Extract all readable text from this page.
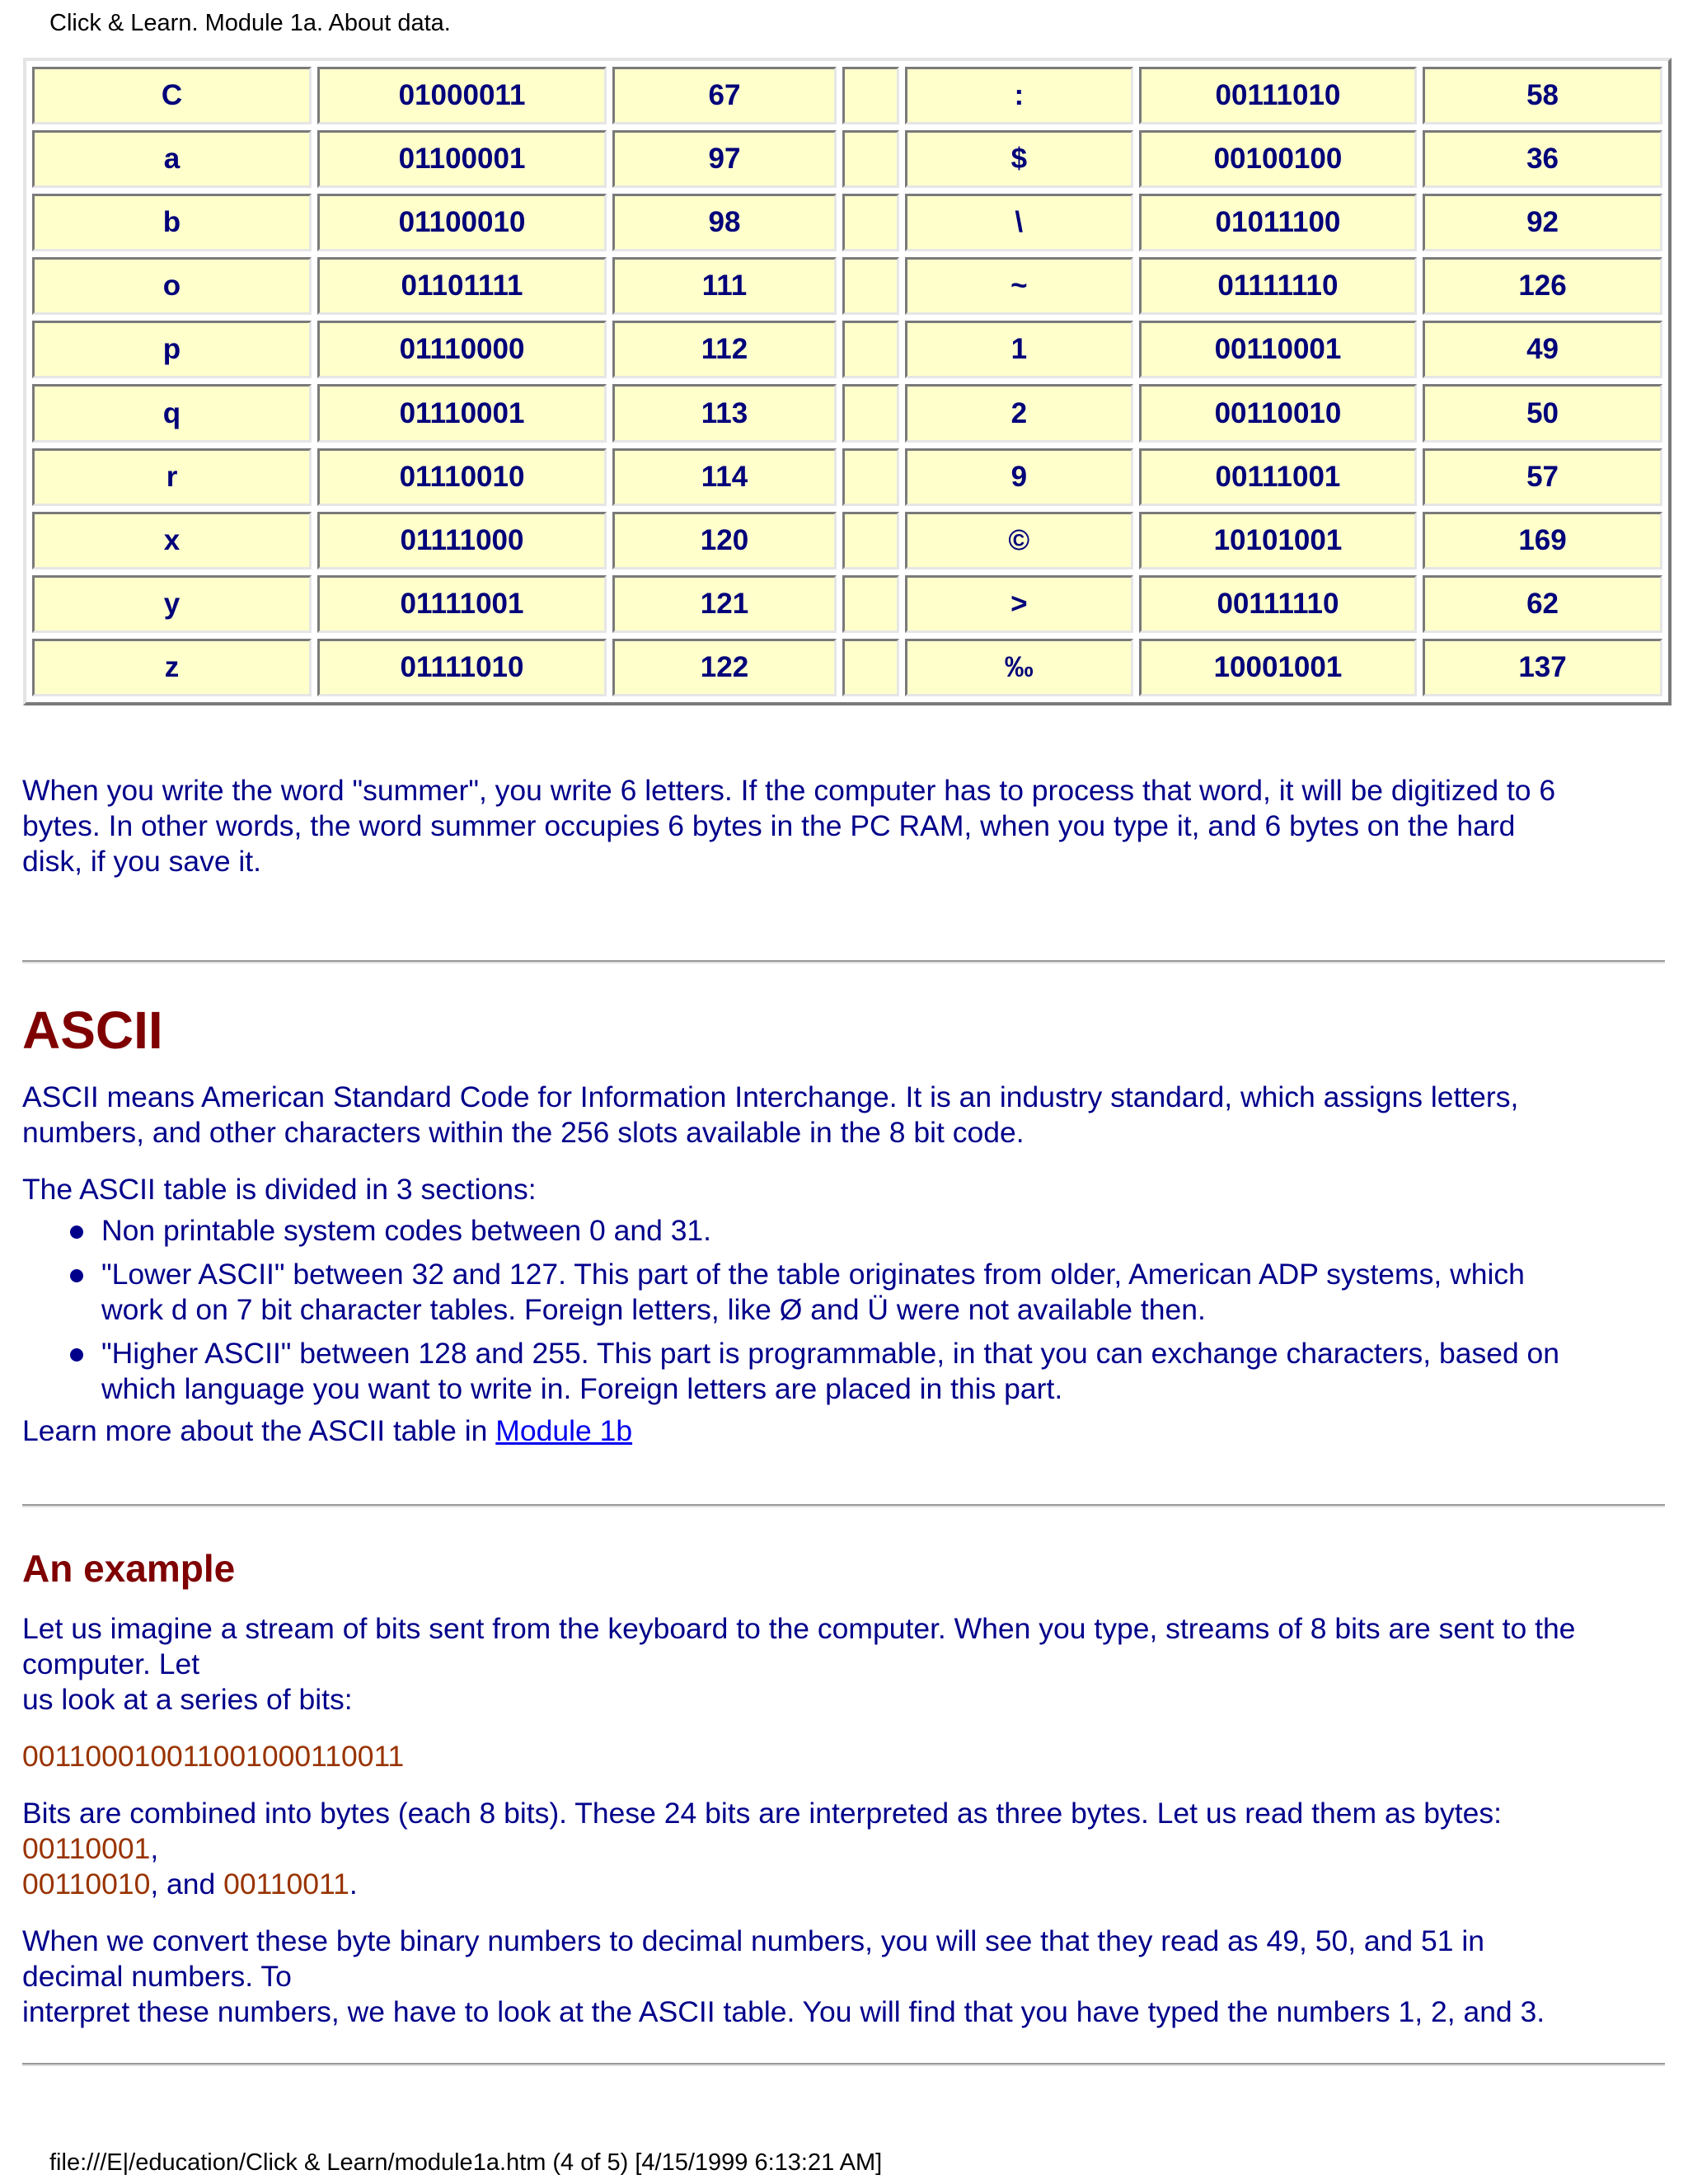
Click & Learn. Module 1a. About data.
C	01000011	67		:	00111010	58
a	01100001	97		$	00100100	36
b	01100010	98		\	01011100	92
o	01101111	111		~	01111110	126
p	01110000	112		1	00110001	49
q	01110001	113		2	00110010	50
r	01110010	114		9	00111001	57
x	01111000	120		©	10101001	169
y	01111001	121		>	00111110	62
z	01111010	122		‰	10001001	137

When you write the word "summer", you write 6 letters. If the computer has to process that word, it will be digitized to 6
bytes. In other words, the word summer occupies 6 bytes in the PC RAM, when you type it, and 6 bytes on the hard
disk, if you save it.

ASCII

ASCII means American Standard Code for Information Interchange. It is an industry standard, which assigns letters,
numbers, and other characters within the 256 slots available in the 8 bit code.

The ASCII table is divided in 3 sections:

Non printable system codes between 0 and 31.
"Lower ASCII" between 32 and 127. This part of the table originates from older, American ADP systems, which
work d on 7 bit character tables. Foreign letters, like Ø and Ü were not available then.
"Higher ASCII" between 128 and 255. This part is programmable, in that you can exchange characters, based on
which language you want to write in. Foreign letters are placed in this part.

Learn more about the ASCII table in Module 1b

An example

Let us imagine a stream of bits sent from the keyboard to the computer. When you type, streams of 8 bits are sent to the
computer. Let
us look at a series of bits:

001100010011001000110011

Bits are combined into bytes (each 8 bits). These 24 bits are interpreted as three bytes. Let us read them as bytes:
00110001,
00110010, and 00110011.

When we convert these byte binary numbers to decimal numbers, you will see that they read as 49, 50, and 51 in
decimal numbers. To
interpret these numbers, we have to look at the ASCII table. You will find that you have typed the numbers 1, 2, and 3.

file:///E|/education/Click & Learn/module1a.htm (4 of 5) [4/15/1999 6:13:21 AM]
